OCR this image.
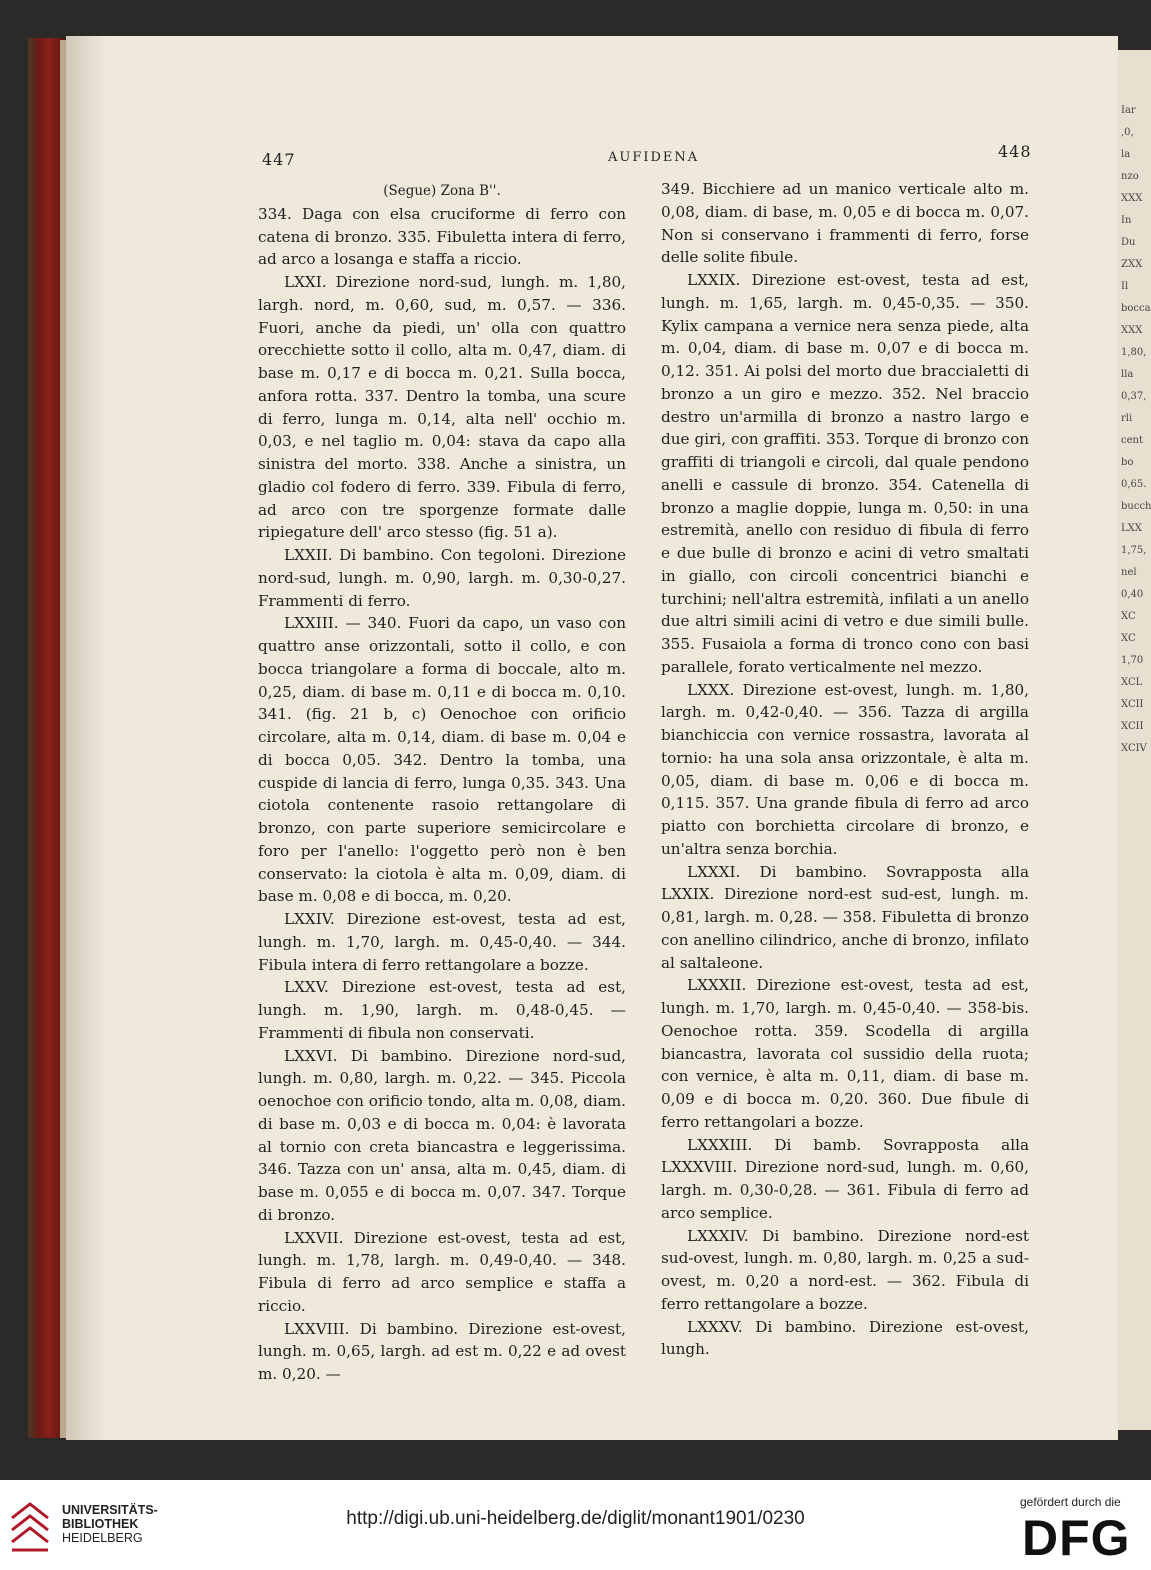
Iar
,0,
la
nzo
XXX
In
Du
ZXX
Il
bocca
XXX
1,80,
lla
0,37,
rli
cent
bo
0,65.
bucch
LXX
1,75,
nel
0,40
XC
XC
1,70
XCL
XCII
XCII
XCIV
447	AUFIDENA	448

(Segue) Zona B''.

334. Daga con elsa cruciforme di ferro con catena di bronzo. 335. Fibuletta intera di ferro, ad arco a losanga e staffa a riccio.

LXXI. Direzione nord-sud, lungh. m. 1,80, largh. nord, m. 0,60, sud, m. 0,57. — 336. Fuori, anche da piedi, un' olla con quattro orecchiette sotto il collo, alta m. 0,47, diam. di base m. 0,17 e di bocca m. 0,21. Sulla bocca, anfora rotta. 337. Dentro la tomba, una scure di ferro, lunga m. 0,14, alta nell' occhio m. 0,03, e nel taglio m. 0,04: stava da capo alla sinistra del morto. 338. Anche a sinistra, un gladio col fodero di ferro. 339. Fibula di ferro, ad arco con tre sporgenze formate dalle ripiegature dell' arco stesso (fig. 51 a).

LXXII. Di bambino. Con tegoloni. Direzione nord-sud, lungh. m. 0,90, largh. m. 0,30-0,27. Frammenti di ferro.

LXXIII. — 340. Fuori da capo, un vaso con quattro anse orizzontali, sotto il collo, e con bocca triangolare a forma di boccale, alto m. 0,25, diam. di base m. 0,11 e di bocca m. 0,10. 341. (fig. 21 b, c) Oenochoe con orificio circolare, alta m. 0,14, diam. di base m. 0,04 e di bocca 0,05. 342. Dentro la tomba, una cuspide di lancia di ferro, lunga 0,35. 343. Una ciotola contenente rasoio rettangolare di bronzo, con parte superiore semicircolare e foro per l'anello: l'oggetto però non è ben conservato: la ciotola è alta m. 0,09, diam. di base m. 0,08 e di bocca, m. 0,20.

LXXIV. Direzione est-ovest, testa ad est, lungh. m. 1,70, largh. m. 0,45-0,40. — 344. Fibula intera di ferro rettangolare a bozze.

LXXV. Direzione est-ovest, testa ad est, lungh. m. 1,90, largh. m. 0,48-0,45. — Frammenti di fibula non conservati.

LXXVI. Di bambino. Direzione nord-sud, lungh. m. 0,80, largh. m. 0,22. — 345. Piccola oenochoe con orificio tondo, alta m. 0,08, diam. di base m. 0,03 e di bocca m. 0,04: è lavorata al tornio con creta biancastra e leggerissima. 346. Tazza con un' ansa, alta m. 0,45, diam. di base m. 0,055 e di bocca m. 0,07. 347. Torque di bronzo.

LXXVII. Direzione est-ovest, testa ad est, lungh. m. 1,78, largh. m. 0,49-0,40. — 348. Fibula di ferro ad arco semplice e staffa a riccio.

LXXVIII. Di bambino. Direzione est-ovest, lungh. m. 0,65, largh. ad est m. 0,22 e ad ovest m. 0,20. —

349. Bicchiere ad un manico verticale alto m. 0,08, diam. di base, m. 0,05 e di bocca m. 0,07. Non si conservano i frammenti di ferro, forse delle solite fibule.

LXXIX. Direzione est-ovest, testa ad est, lungh. m. 1,65, largh. m. 0,45-0,35. — 350. Kylix campana a vernice nera senza piede, alta m. 0,04, diam. di base m. 0,07 e di bocca m. 0,12. 351. Ai polsi del morto due braccialetti di bronzo a un giro e mezzo. 352. Nel braccio destro un'armilla di bronzo a nastro largo e due giri, con graffiti. 353. Torque di bronzo con graffiti di triangoli e circoli, dal quale pendono anelli e cassule di bronzo. 354. Catenella di bronzo a maglie doppie, lunga m. 0,50: in una estremità, anello con residuo di fibula di ferro e due bulle di bronzo e acini di vetro smaltati in giallo, con circoli concentrici bianchi e turchini; nell'altra estremità, infilati a un anello due altri simili acini di vetro e due simili bulle. 355. Fusaiola a forma di tronco cono con basi parallele, forato verticalmente nel mezzo.

LXXX. Direzione est-ovest, lungh. m. 1,80, largh. m. 0,42-0,40. — 356. Tazza di argilla bianchiccia con vernice rossastra, lavorata al tornio: ha una sola ansa orizzontale, è alta m. 0,05, diam. di base m. 0,06 e di bocca m. 0,115. 357. Una grande fibula di ferro ad arco piatto con borchietta circolare di bronzo, e un'altra senza borchia.

LXXXI. Di bambino. Sovrapposta alla LXXIX. Direzione nord-est sud-est, lungh. m. 0,81, largh. m. 0,28. — 358. Fibuletta di bronzo con anellino cilindrico, anche di bronzo, infilato al saltaleone.

LXXXII. Direzione est-ovest, testa ad est, lungh. m. 1,70, largh. m. 0,45-0,40. — 358-bis. Oenochoe rotta. 359. Scodella di argilla biancastra, lavorata col sussidio della ruota; con vernice, è alta m. 0,11, diam. di base m. 0,09 e di bocca m. 0,20. 360. Due fibule di ferro rettangolari a bozze.

LXXXIII. Di bamb. Sovrapposta alla LXXXVIII. Direzione nord-sud, lungh. m. 0,60, largh. m. 0,30-0,28. — 361. Fibula di ferro ad arco semplice.

LXXXIV. Di bambino. Direzione nord-est sud-ovest, lungh. m. 0,80, largh. m. 0,25 a sud-ovest, m. 0,20 a nord-est. — 362. Fibula di ferro rettangolare a bozze.

LXXXV. Di bambino. Direzione est-ovest, lungh.

UNIVERSITÄTS-
BIBLIOTHEK
HEIDELBERG
http://digi.ub.uni-heidelberg.de/diglit/monant1901/0230
gefördert durch die
DFG
